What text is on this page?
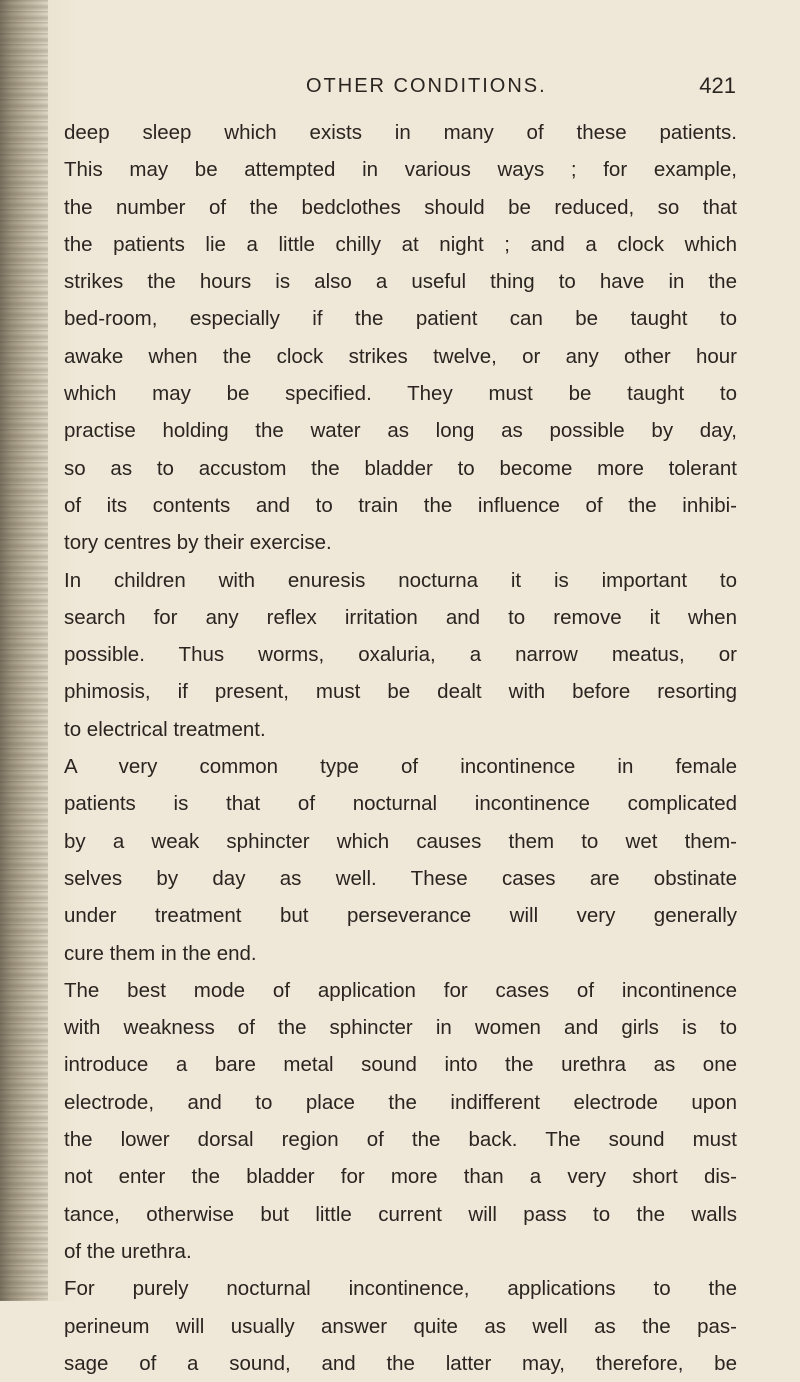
OTHER CONDITIONS.	421
deep sleep which exists in many of these patients.
This may be attempted in various ways ; for example,
the number of the bedclothes should be reduced, so that
the patients lie a little chilly at night ; and a clock which
strikes the hours is also a useful thing to have in the
bed-room, especially if the patient can be taught to
awake when the clock strikes twelve, or any other hour
which may be specified. They must be taught to
practise holding the water as long as possible by day,
so as to accustom the bladder to become more tolerant
of its contents and to train the influence of the inhibi-
tory centres by their exercise.
In children with enuresis nocturna it is important to
search for any reflex irritation and to remove it when
possible. Thus worms, oxaluria, a narrow meatus, or
phimosis, if present, must be dealt with before resorting
to electrical treatment.
A very common type of incontinence in female
patients is that of nocturnal incontinence complicated
by a weak sphincter which causes them to wet them-
selves by day as well. These cases are obstinate
under treatment but perseverance will very generally
cure them in the end.
The best mode of application for cases of incontinence
with weakness of the sphincter in women and girls is to
introduce a bare metal sound into the urethra as one
electrode, and to place the indifferent electrode upon
the lower dorsal region of the back. The sound must
not enter the bladder for more than a very short dis-
tance, otherwise but little current will pass to the walls
of the urethra.
For purely nocturnal incontinence, applications to the
perineum will usually answer quite as well as the pas-
sage of a sound, and the latter may, therefore, be
